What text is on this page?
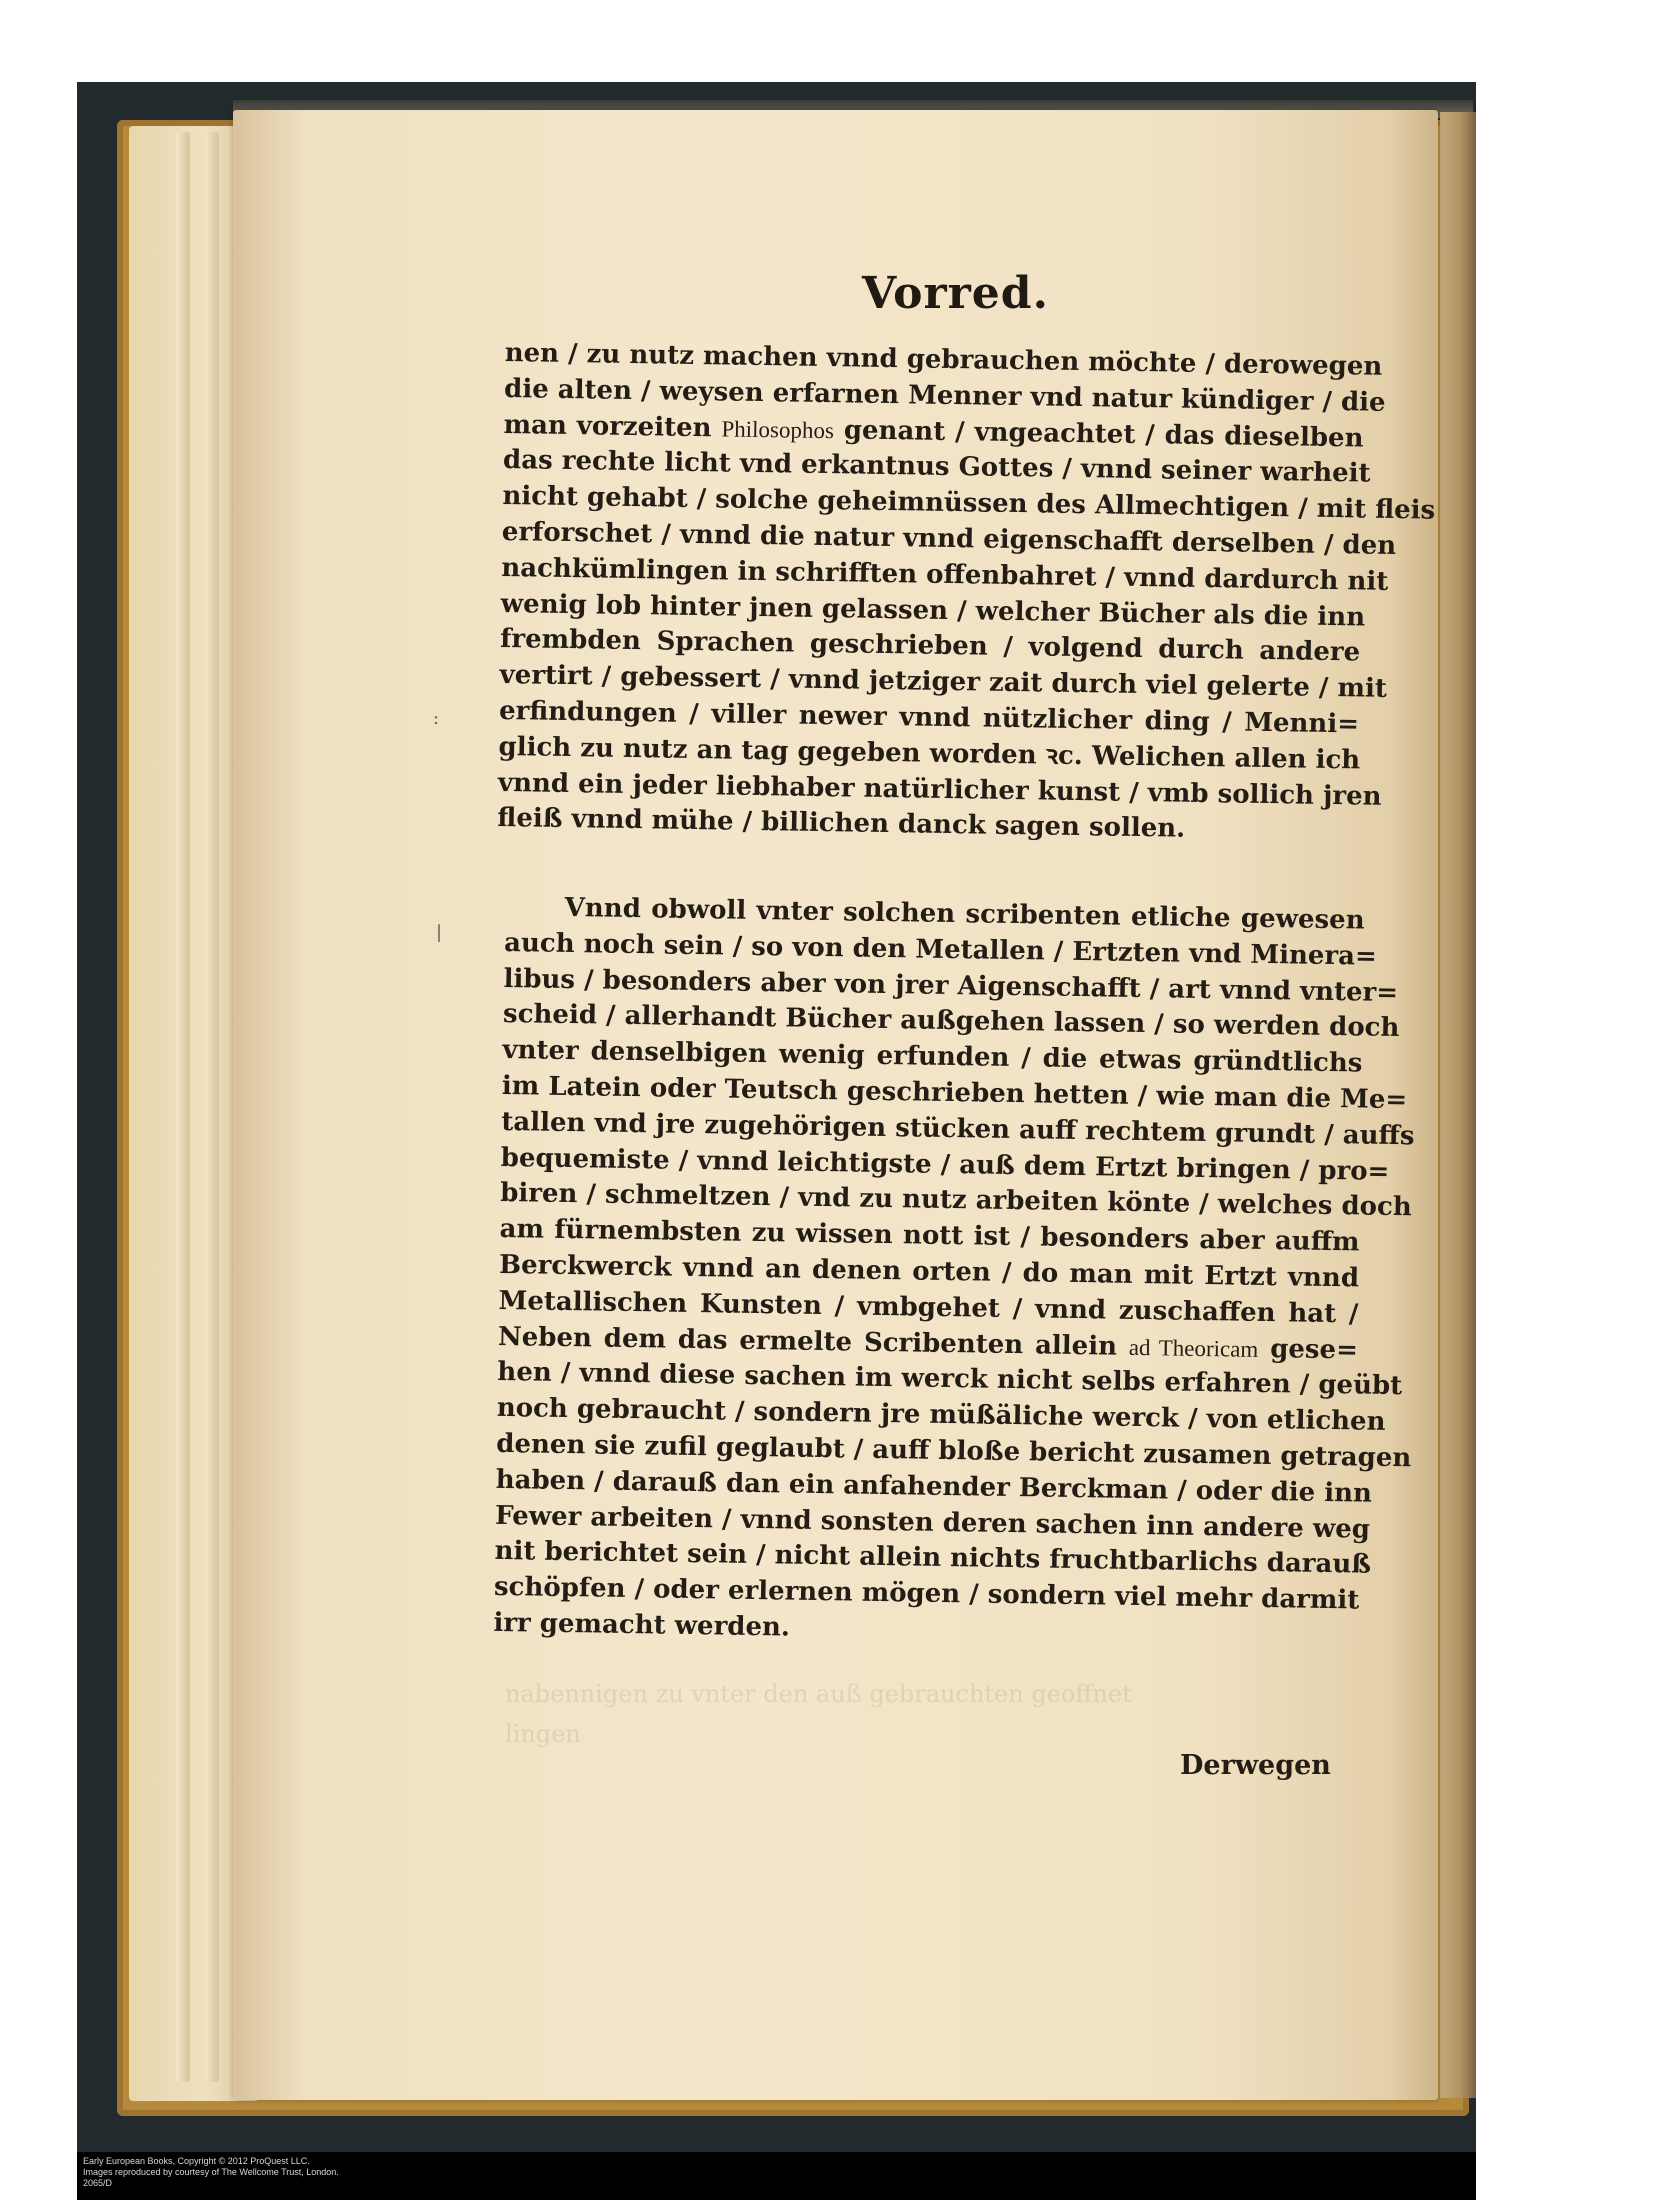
Vorred.
nen / zu nutz machen vnnd gebrauchen möchte / derowegen
die alten / weysen erfarnen Menner vnd natur kündiger / die
man vorzeiten Philosophos genant / vngeachtet / das dieselben
das rechte licht vnd erkantnus Gottes / vnnd seiner warheit
nicht gehabt / solche geheimnüssen des Allmechtigen / mit fleis
erforschet / vnnd die natur vnnd eigenschafft derselben / den
nachkümlingen in schrifften offenbahret / vnnd dardurch nit
wenig lob hinter jnen gelassen / welcher Bücher als die inn
frembden Sprachen geschrieben / volgend durch andere
vertirt / gebessert / vnnd jetziger zait durch viel gelerte / mit
erfindungen / viller newer vnnd nützlicher ding / Menni=
glich zu nutz an tag gegeben worden ꝛc. Welichen allen ich
vnnd ein jeder liebhaber natürlicher kunst / vmb sollich jren
fleiß vnnd mühe / billichen danck sagen sollen.
Vnnd obwoll vnter solchen scribenten etliche gewesen
auch noch sein / so von den Metallen / Ertzten vnd Minera=
libus / besonders aber von jrer Aigenschafft / art vnnd vnter=
scheid / allerhandt Bücher außgehen lassen / so werden doch
vnter denselbigen wenig erfunden / die etwas gründtlichs
im Latein oder Teutsch geschrieben hetten / wie man die Me=
tallen vnd jre zugehörigen stücken auff rechtem grundt / auffs
bequemiste / vnnd leichtigste / auß dem Ertzt bringen / pro=
biren / schmeltzen / vnd zu nutz arbeiten könte / welches doch
am fürnembsten zu wissen nott ist / besonders aber auffm
Berckwerck vnnd an denen orten / do man mit Ertzt vnnd
Metallischen Kunsten / vmbgehet / vnnd zuschaffen hat /
Neben dem das ermelte Scribenten allein ad Theoricam gese=
hen / vnnd diese sachen im werck nicht selbs erfahren / geübt
noch gebraucht / sondern jre müßäliche werck / von etlichen
denen sie zufil geglaubt / auff bloße bericht zusamen getragen
haben / darauß dan ein anfahender Berckman / oder die inn
Fewer arbeiten / vnnd sonsten deren sachen inn andere weg
nit berichtet sein / nicht allein nichts fruchtbarlichs darauß
schöpfen / oder erlernen mögen / sondern viel mehr darmit
irr gemacht werden.
nabennigen zu vnter den auß gebrauchten geoffnet
lingen
:
|
Derwegen
Early European Books, Copyright © 2012 ProQuest LLC.
Images reproduced by courtesy of The Wellcome Trust, London.
2065/D
